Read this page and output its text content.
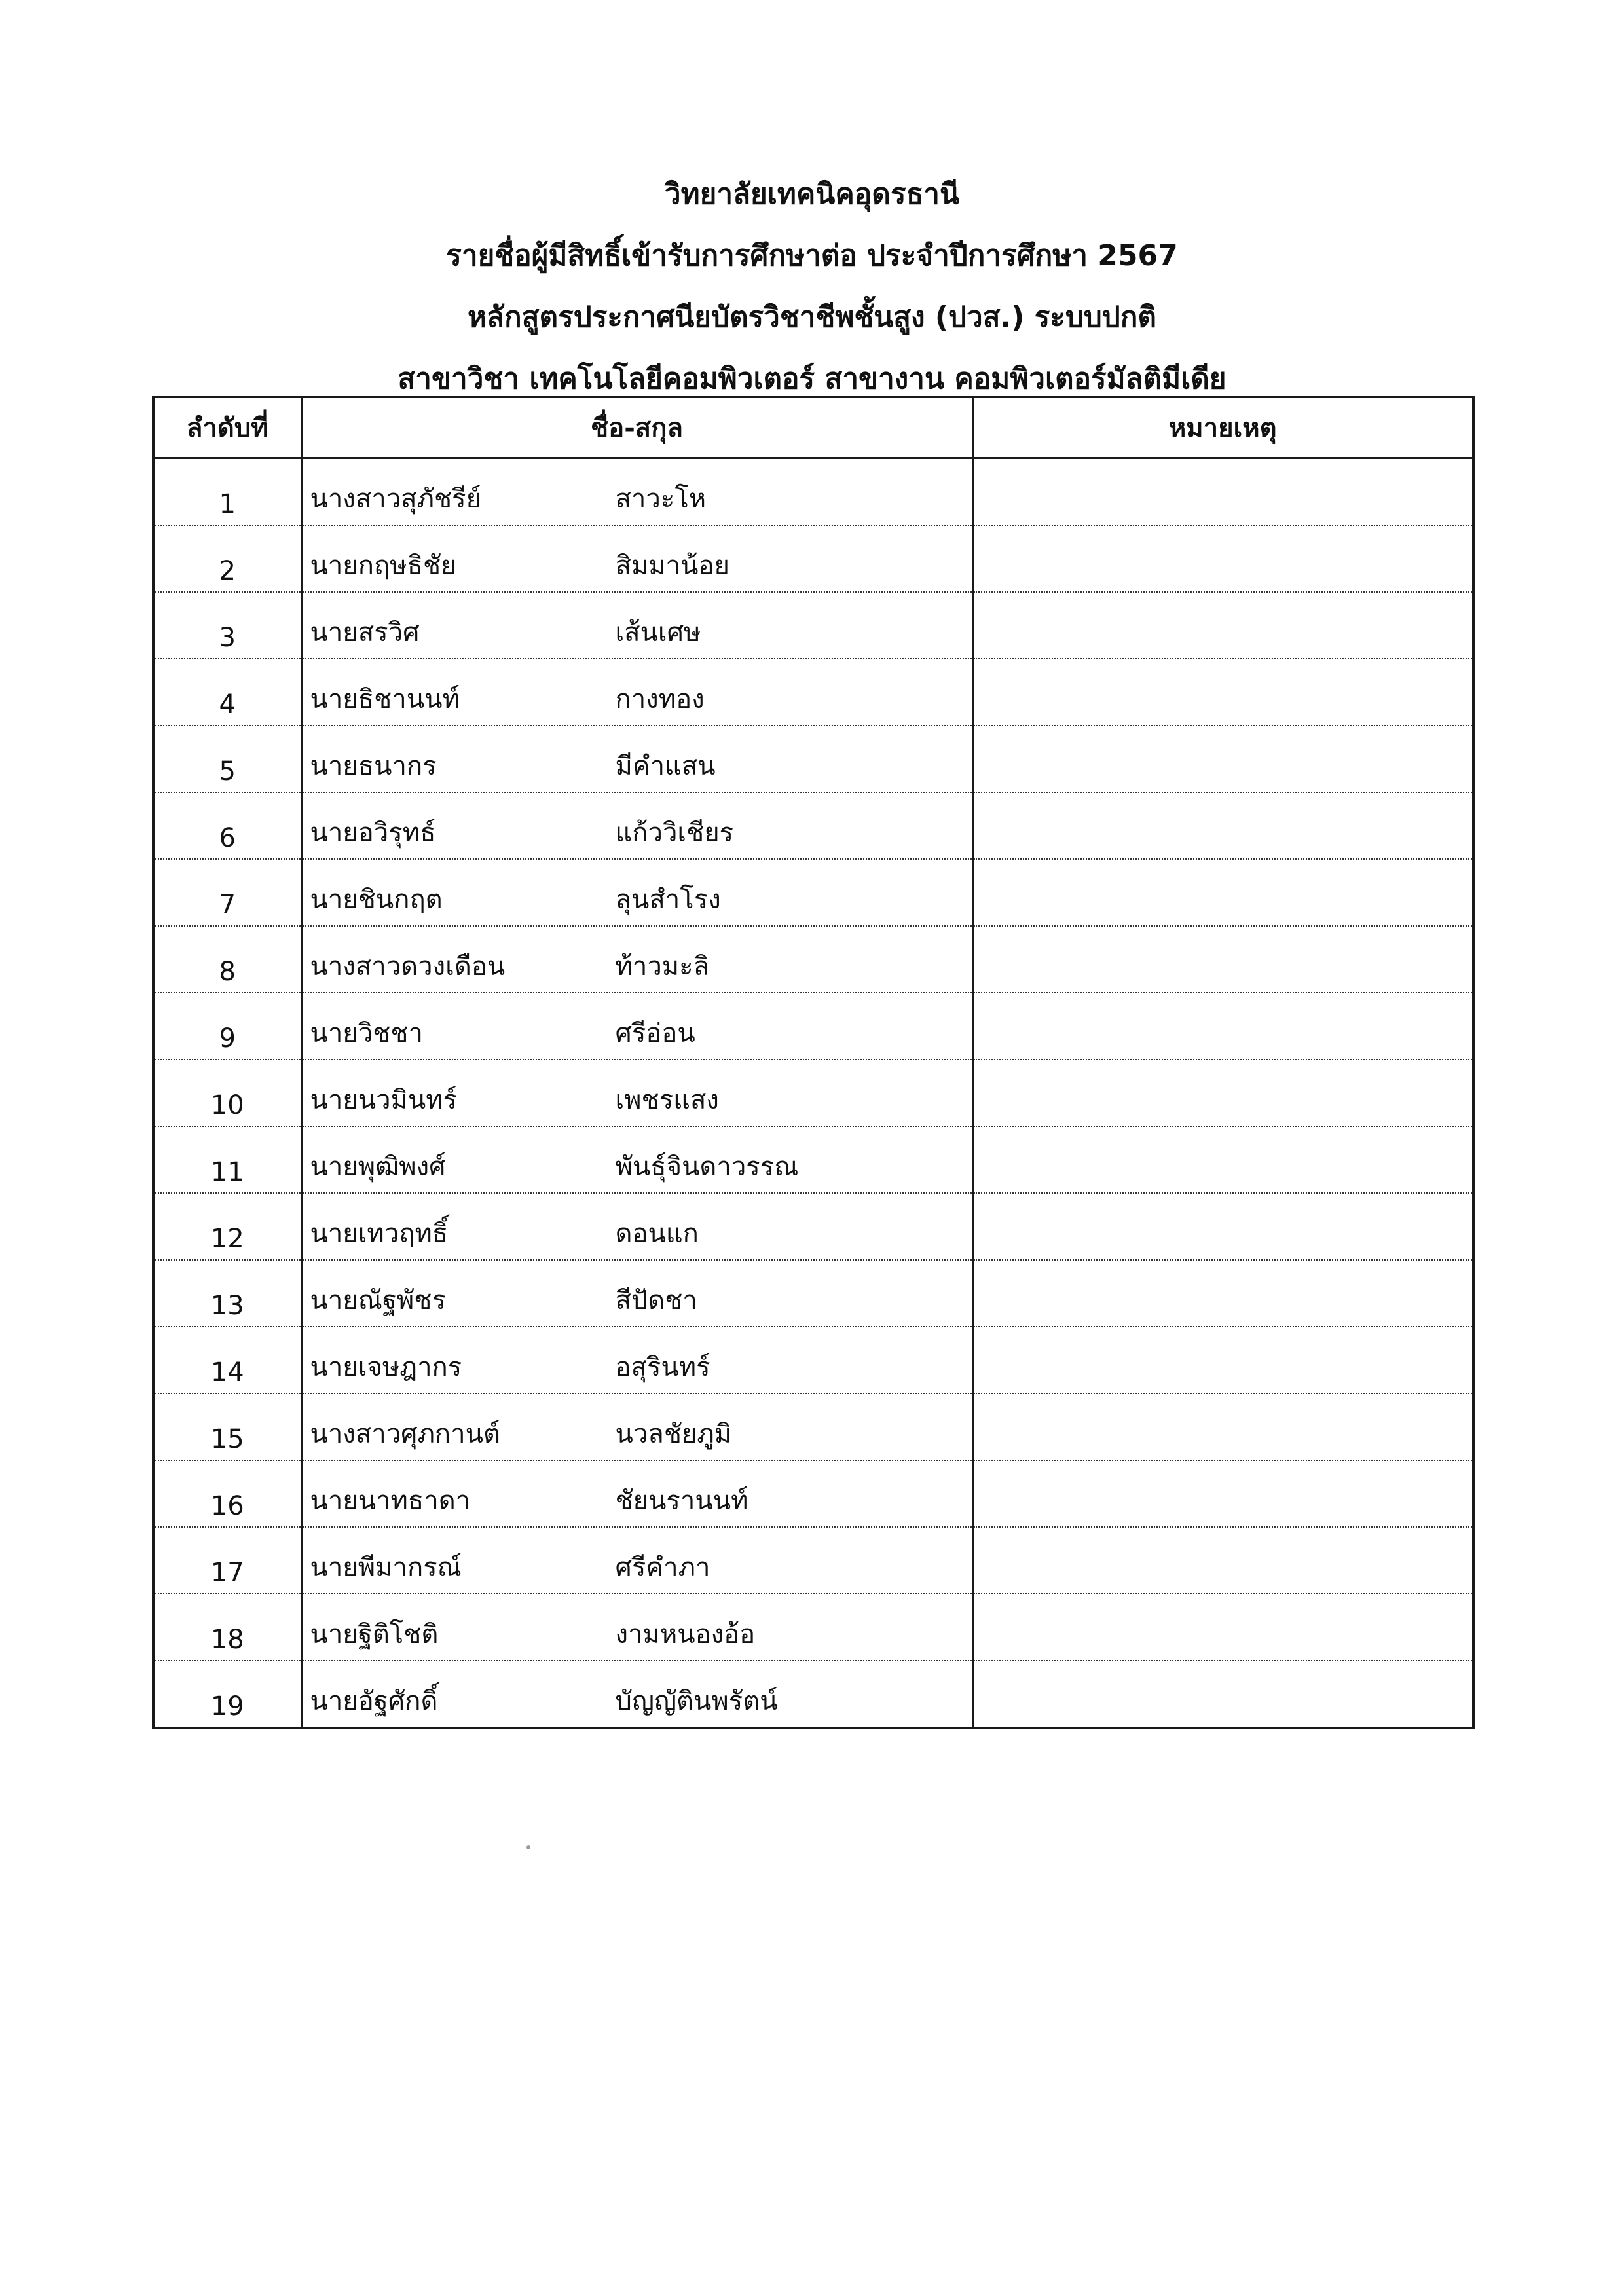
วิทยาลัยเทคนิคอุดรธานี
รายชื่อผู้มีสิทธิ์เข้ารับการศึกษาต่อ ประจำปีการศึกษา 2567
หลักสูตรประกาศนียบัตรวิชาชีพชั้นสูง (ปวส.) ระบบปกติ
สาขาวิชา เทคโนโลยีคอมพิวเตอร์ สาขางาน คอมพิวเตอร์มัลติมีเดีย
ลำดับที่	ชื่อ-สกุล	หมายเหตุ
1	นางสาวสุภัชรีย์ สาวะโห	

2	นายกฤษธิชัย สิมมาน้อย	

3	นายสรวิศ เส้นเศษ	

4	นายธิชานนท์ กางทอง	

5	นายธนากร มีคำแสน	

6	นายอวิรุทธ์ แก้ววิเชียร	

7	นายชินกฤต ลุนสำโรง	

8	นางสาวดวงเดือน ท้าวมะลิ	

9	นายวิชชา ศรีอ่อน	

10	นายนวมินทร์ เพชรแสง	

11	นายพุฒิพงศ์ พันธุ์จินดาวรรณ	

12	นายเทวฤทธิ์ ดอนแก	

13	นายณัฐพัชร สีปัดชา	

14	นายเจษฎากร อสุรินทร์	

15	นางสาวศุภกานต์ นวลชัยภูมิ	

16	นายนาทธาดา ชัยนรานนท์	

17	นายพีมากรณ์ ศรีคำภา	

18	นายฐิติโชติ งามหนองอ้อ	

19	นายอัฐศักดิ์ บัญญัตินพรัตน์	
